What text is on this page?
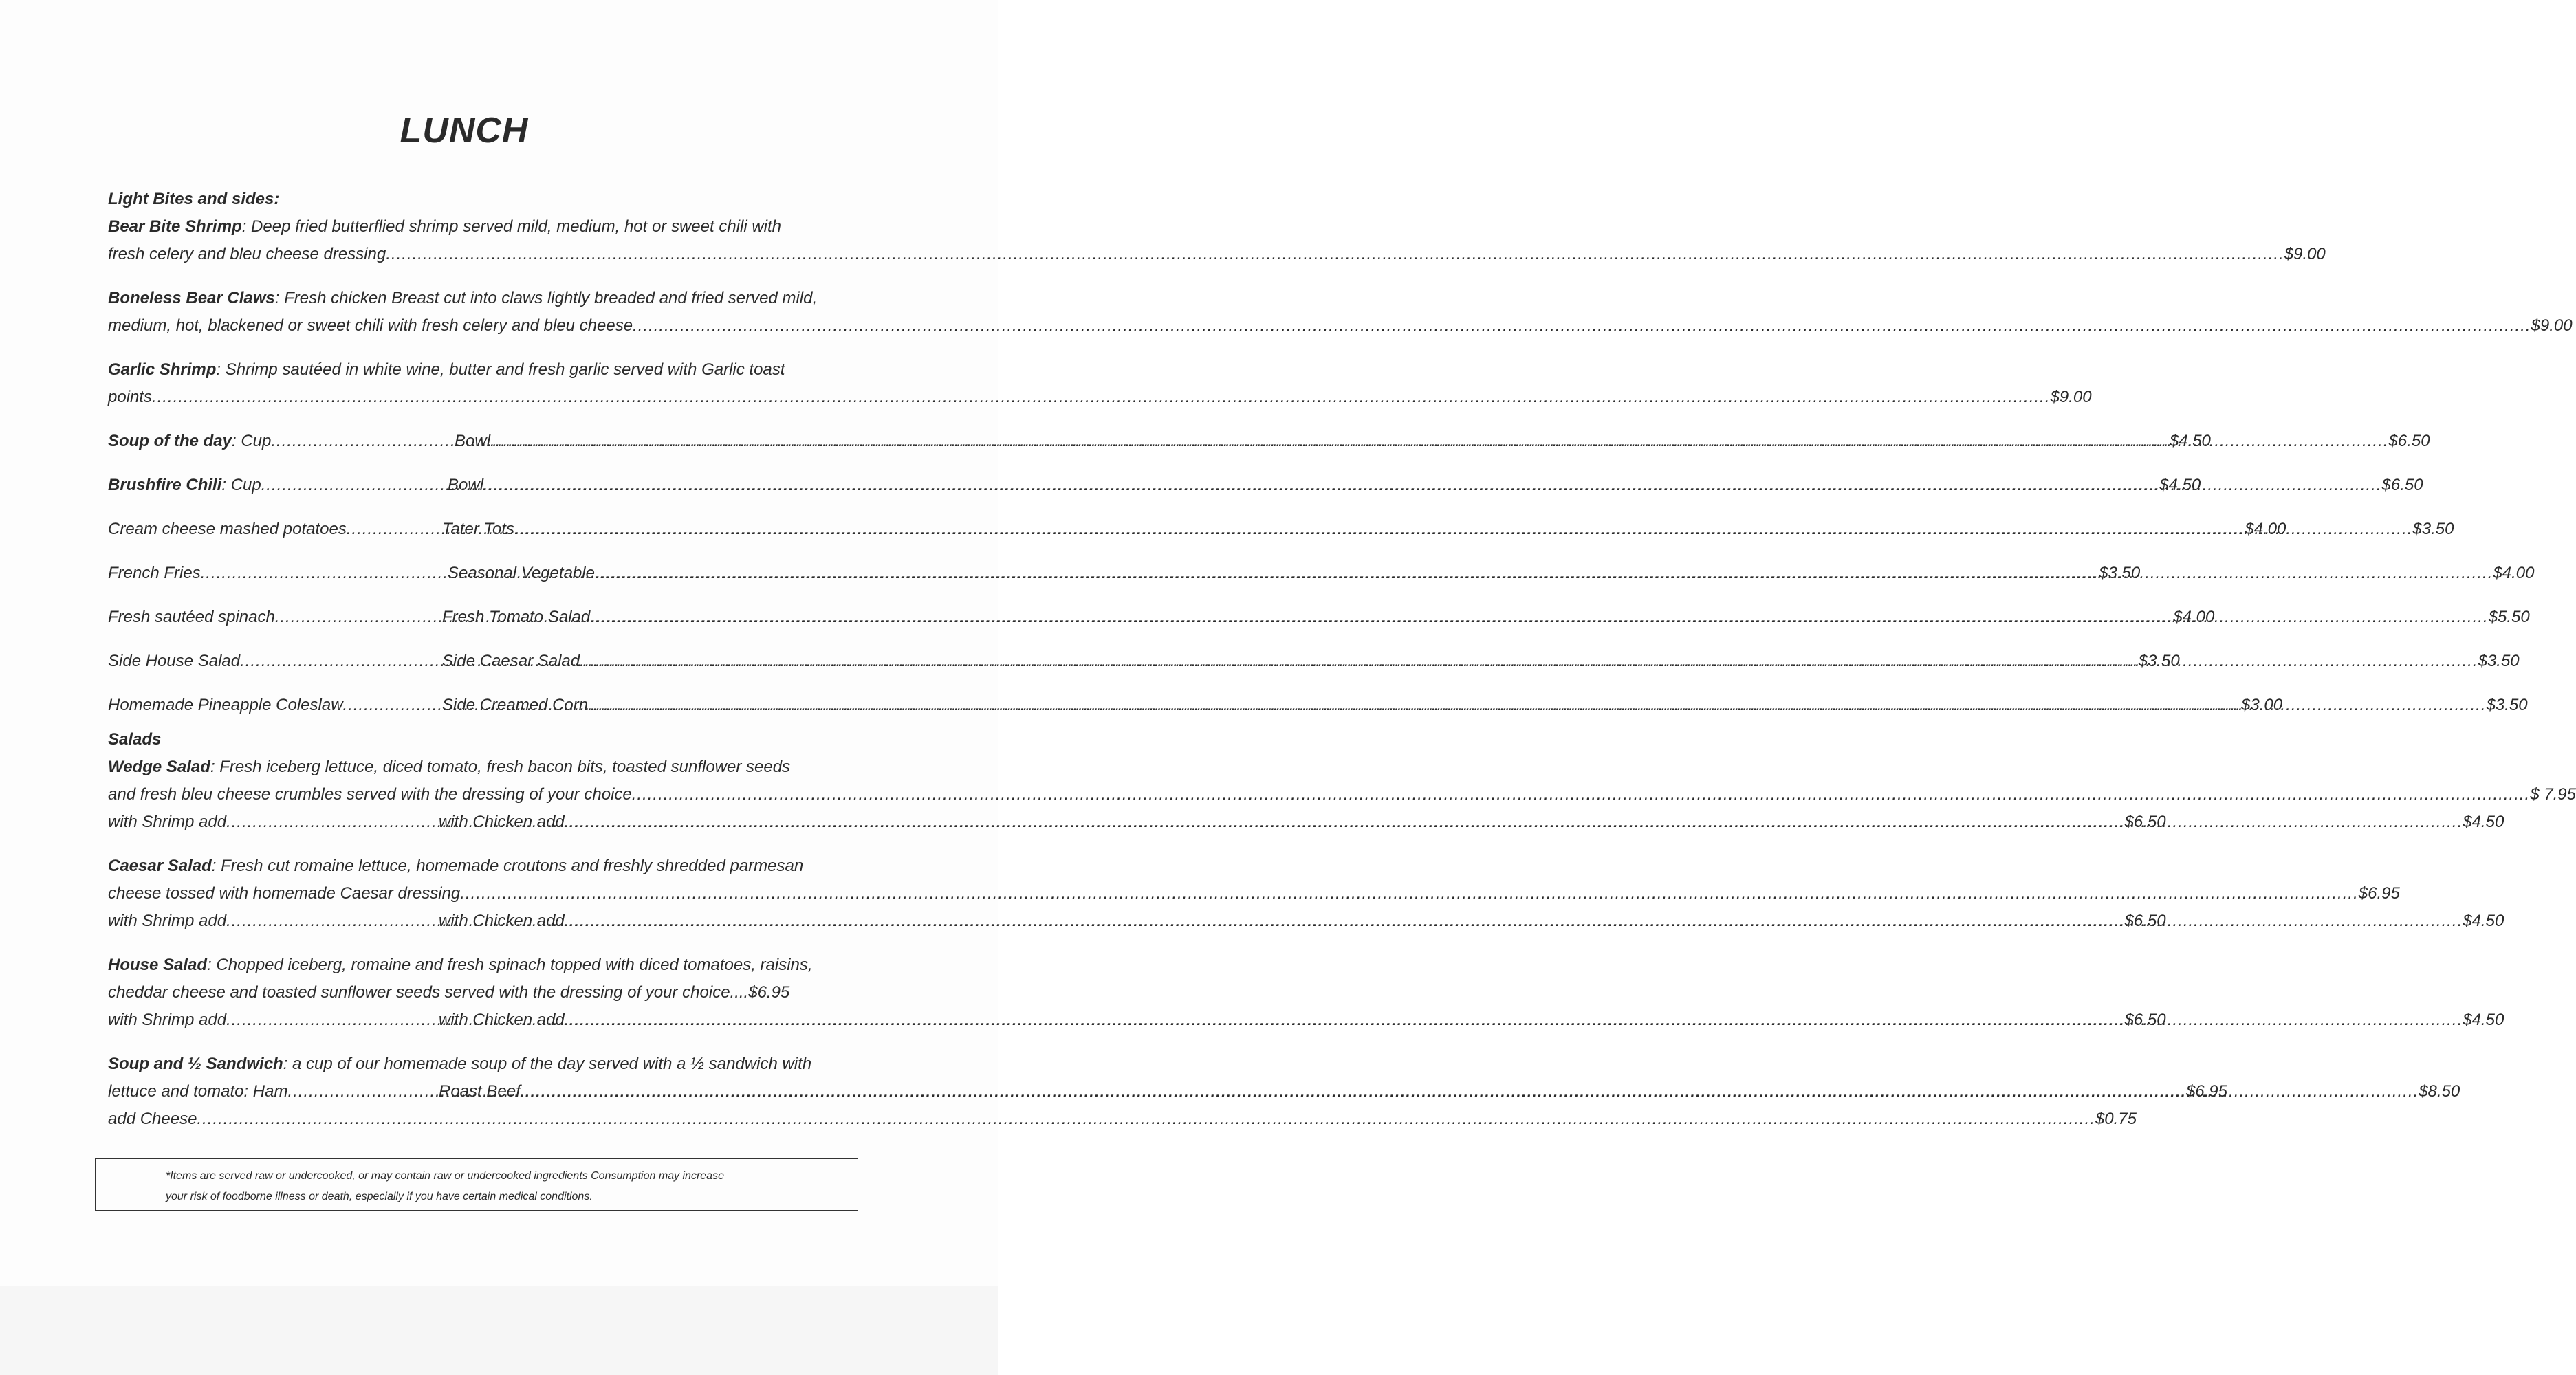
LUNCH
Light Bites and sides:
Bear Bite Shrimp: Deep fried butterflied shrimp served mild, medium, hot or sweet chili with
fresh celery and bleu cheese dressing .....	$9.00
Boneless Bear Claws: Fresh chicken Breast cut into claws lightly breaded and fried served mild,
medium, hot, blackened or sweet chili with fresh celery and bleu cheese .....	$9.00
Garlic Shrimp: Shrimp sautéed in white wine, butter and fresh garlic served with Garlic toast
points .....	$9.00
Soup of the day: Cup .....	$4.50
Bowl .....	$6.50
Brushfire Chili: Cup .....	$4.50
Bowl .....	$6.50
Cream cheese mashed potatoes .....	$4.00
Tater Tots .....	$3.50
French Fries .....	$3.50
Seasonal Vegetable .....	$4.00
Fresh sautéed spinach .....	$4.00
Fresh Tomato Salad .....	$5.50
Side House Salad .....	$3.50
Side Caesar Salad .....	$3.50
Homemade Pineapple Coleslaw .....	$3.00
Side Creamed Corn .....	$3.50
Salads
Wedge Salad: Fresh iceberg lettuce, diced tomato, fresh bacon bits, toasted sunflower seeds
and fresh bleu cheese crumbles served with the dressing of your choice .....	$ 7.95
with Shrimp add .....	$6.50
with Chicken add .....	$4.50
Caesar Salad: Fresh cut romaine lettuce, homemade croutons and freshly shredded parmesan
cheese tossed with homemade Caesar dressing .....	$6.95
with Shrimp add .....	$6.50
with Chicken add .....	$4.50
House Salad: Chopped iceberg, romaine and fresh spinach topped with diced tomatoes, raisins,
cheddar cheese and toasted sunflower seeds served with the dressing of your choice .... $6.95
with Shrimp add .....	$6.50
with Chicken add .....	$4.50
Soup and ½ Sandwich: a cup of our homemade soup of the day served with a ½ sandwich with
lettuce and tomato: Ham .....	$6.95
Roast Beef .....	$8.50
add Cheese .....	$0.75
*Items are served raw or undercooked, or may contain raw or undercooked ingredients Consumption may increase
your risk of foodborne illness or death, especially if you have certain medical conditions.
